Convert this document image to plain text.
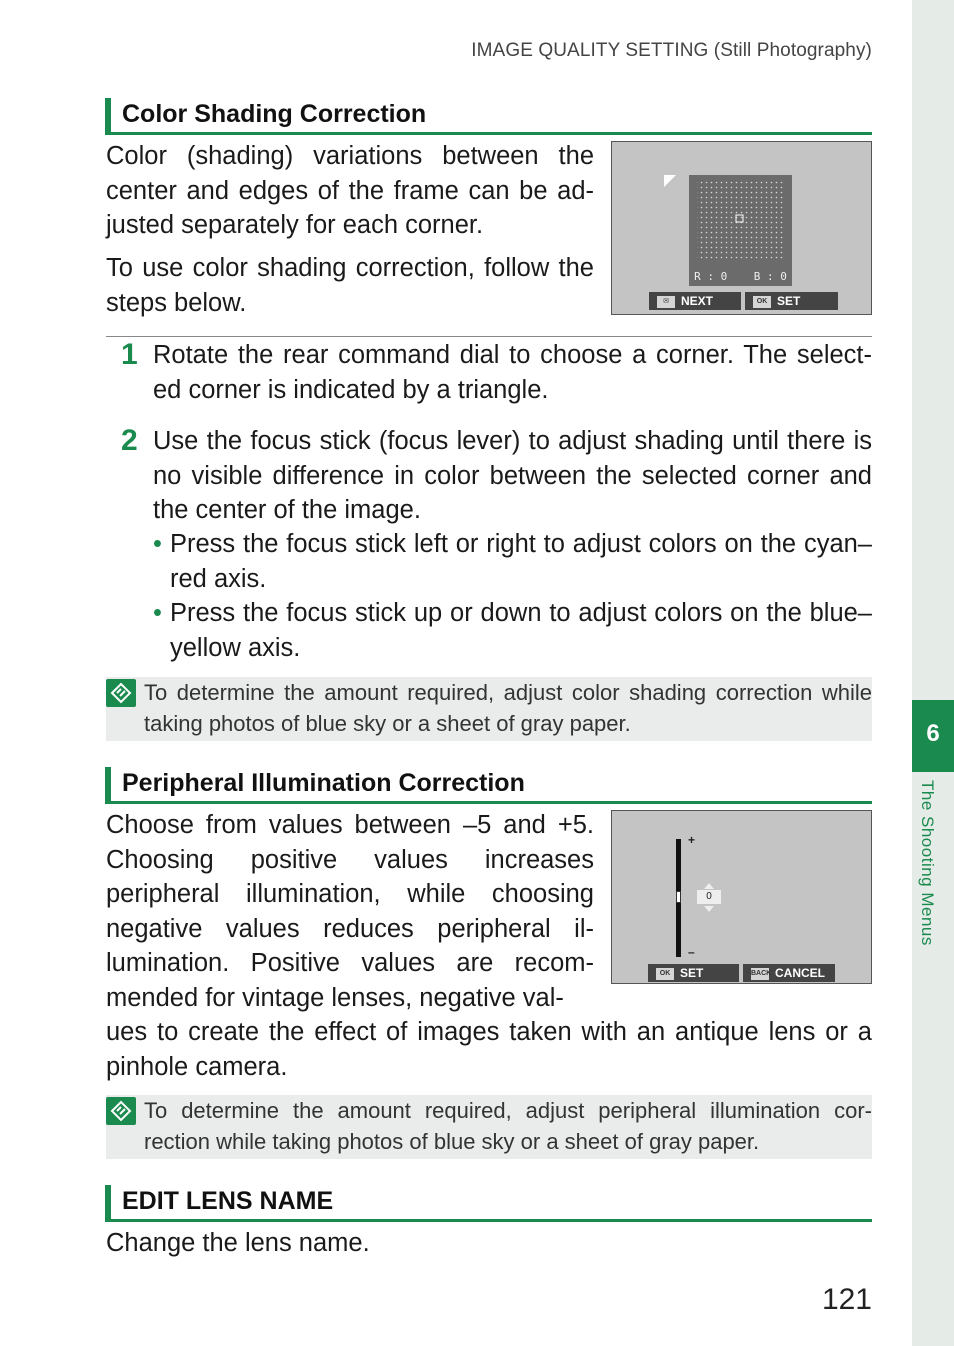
IMAGE QUALITY SETTING (Still Photography)
6
The Shooting Menus
Color Shading Correction
Color (shading) variations between the center and edges of the frame can be ad-justed separately for each corner.
To use color shading correction, follow the steps below.
R : 0    B : 0
✉ NEXT	OK SET
1 Rotate the rear command dial to choose a corner. The select-ed corner is indicated by a triangle.
2 Use the focus stick (focus lever) to adjust shading until there is no visible difference in color between the selected corner and the center of the image.
• Press the focus stick left or right to adjust colors on the cyan–red axis.
• Press the focus stick up or down to adjust colors on the blue–yellow axis.
To determine the amount required, adjust color shading correction while taking photos of blue sky or a sheet of gray paper.
Peripheral Illumination Correction
Choose from values between –5 and +5. Choosing positive values increases peripheral illumination, while choosing negative values reduces peripheral il-lumination. Positive values are recom-mended for vintage lenses, negative val-
ues to create the effect of images taken with an antique lens or a pinhole camera.
+
–
0
OK SET	BACK CANCEL
To determine the amount required, adjust peripheral illumination cor-rection while taking photos of blue sky or a sheet of gray paper.
EDIT LENS NAME
Change the lens name.
121
